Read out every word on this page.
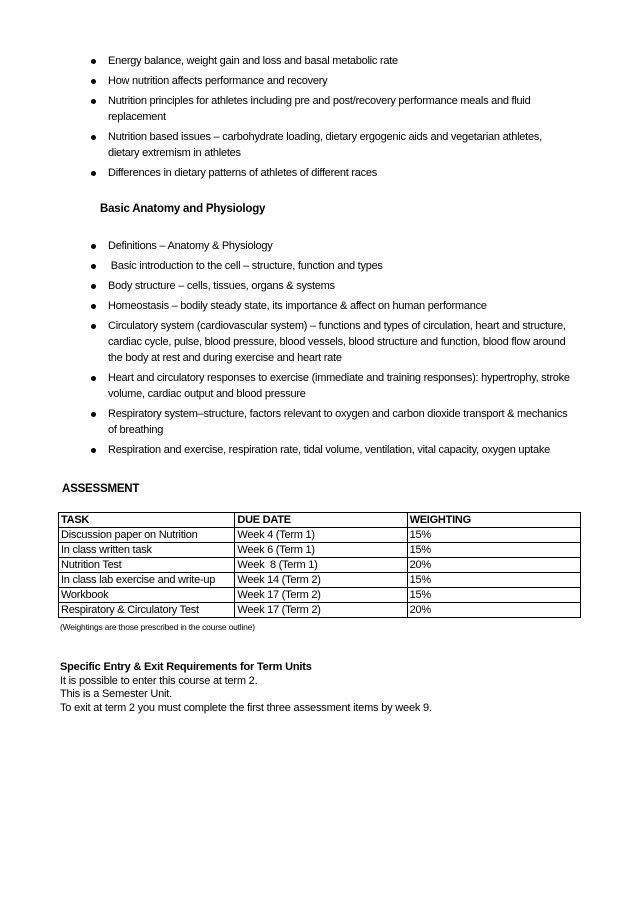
Energy balance, weight gain and loss and basal metabolic rate
How nutrition affects performance and recovery
Nutrition principles for athletes including pre and post/recovery performance meals and fluid
replacement
Nutrition based issues – carbohydrate loading, dietary ergogenic aids and vegetarian athletes,
dietary extremism in athletes
Differences in dietary patterns of athletes of different races
Basic Anatomy and Physiology
Definitions – Anatomy & Physiology
Basic introduction to the cell – structure, function and types
Body structure – cells, tissues, organs & systems
Homeostasis – bodily steady state, its importance & affect on human performance
Circulatory system (cardiovascular system) – functions and types of circulation, heart and structure,
cardiac cycle, pulse, blood pressure, blood vessels, blood structure and function, blood flow around
the body at rest and during exercise and heart rate
Heart and circulatory responses to exercise (immediate and training responses): hypertrophy, stroke
volume, cardiac output and blood pressure
Respiratory system–structure, factors relevant to oxygen and carbon dioxide transport & mechanics
of breathing
Respiration and exercise, respiration rate, tidal volume, ventilation, vital capacity, oxygen uptake
ASSESSMENT
TASK	DUE DATE	WEIGHTING
Discussion paper on Nutrition	Week 4 (Term 1)	15%
In class written task	Week 6 (Term 1)	15%
Nutrition Test	Week  8 (Term 1)	20%
In class lab exercise and write-up	Week 14 (Term 2)	15%
Workbook	Week 17 (Term 2)	15%
Respiratory & Circulatory Test	Week 17 (Term 2)	20%
(Weightings are those prescribed in the course outline)
Specific Entry & Exit Requirements for Term Units
It is possible to enter this course at term 2.
This is a Semester Unit.
To exit at term 2 you must complete the first three assessment items by week 9.
